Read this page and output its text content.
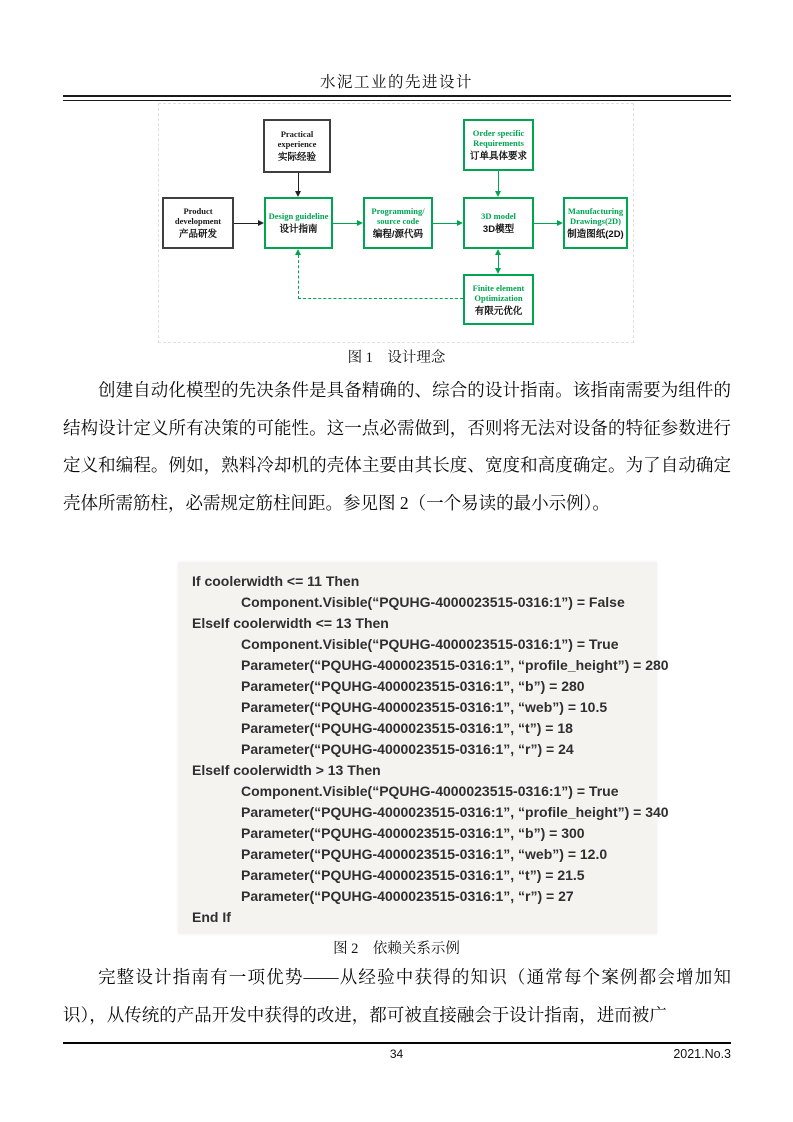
水泥工业的先进设计
Practical
experience
实际经验
Order specific
Requirements
订单具体要求
Product
development
产品研发
Design guideline
设计指南
Programming/
source code
编程/源代码
3D model
3D模型
Manufacturing
Drawings(2D)
制造图纸(2D)
Finite element
Optimization
有限元优化
图 1　设计理念

创建自动化模型的先决条件是具备精确的、综合的设计指南。该指南需要为组件的结构设计定义所有决策的可能性。这一点必需做到，否则将无法对设备的特征参数进行定义和编程。例如，熟料冷却机的壳体主要由其长度、宽度和高度确定。为了自动确定壳体所需筋柱，必需规定筋柱间距。参见图 2（一个易读的最小示例）。

If coolerwidth <= 11 Then
Component.Visible(“PQUHG-4000023515-0316:1”) = False
ElseIf coolerwidth <= 13 Then
Component.Visible(“PQUHG-4000023515-0316:1”) = True
Parameter(“PQUHG-4000023515-0316:1”, “profile_height”) = 280
Parameter(“PQUHG-4000023515-0316:1”, “b”) = 280
Parameter(“PQUHG-4000023515-0316:1”, “web”) = 10.5
Parameter(“PQUHG-4000023515-0316:1”, “t”) = 18
Parameter(“PQUHG-4000023515-0316:1”, “r”) = 24
ElseIf coolerwidth > 13 Then
Component.Visible(“PQUHG-4000023515-0316:1”) = True
Parameter(“PQUHG-4000023515-0316:1”, “profile_height”) = 340
Parameter(“PQUHG-4000023515-0316:1”, “b”) = 300
Parameter(“PQUHG-4000023515-0316:1”, “web”) = 12.0
Parameter(“PQUHG-4000023515-0316:1”, “t”) = 21.5
Parameter(“PQUHG-4000023515-0316:1”, “r”) = 27
End If
图 2　依赖关系示例

完整设计指南有一项优势——从经验中获得的知识（通常每个案例都会增加知识），从传统的产品开发中获得的改进，都可被直接融会于设计指南，进而被广

34	2021.No.3
